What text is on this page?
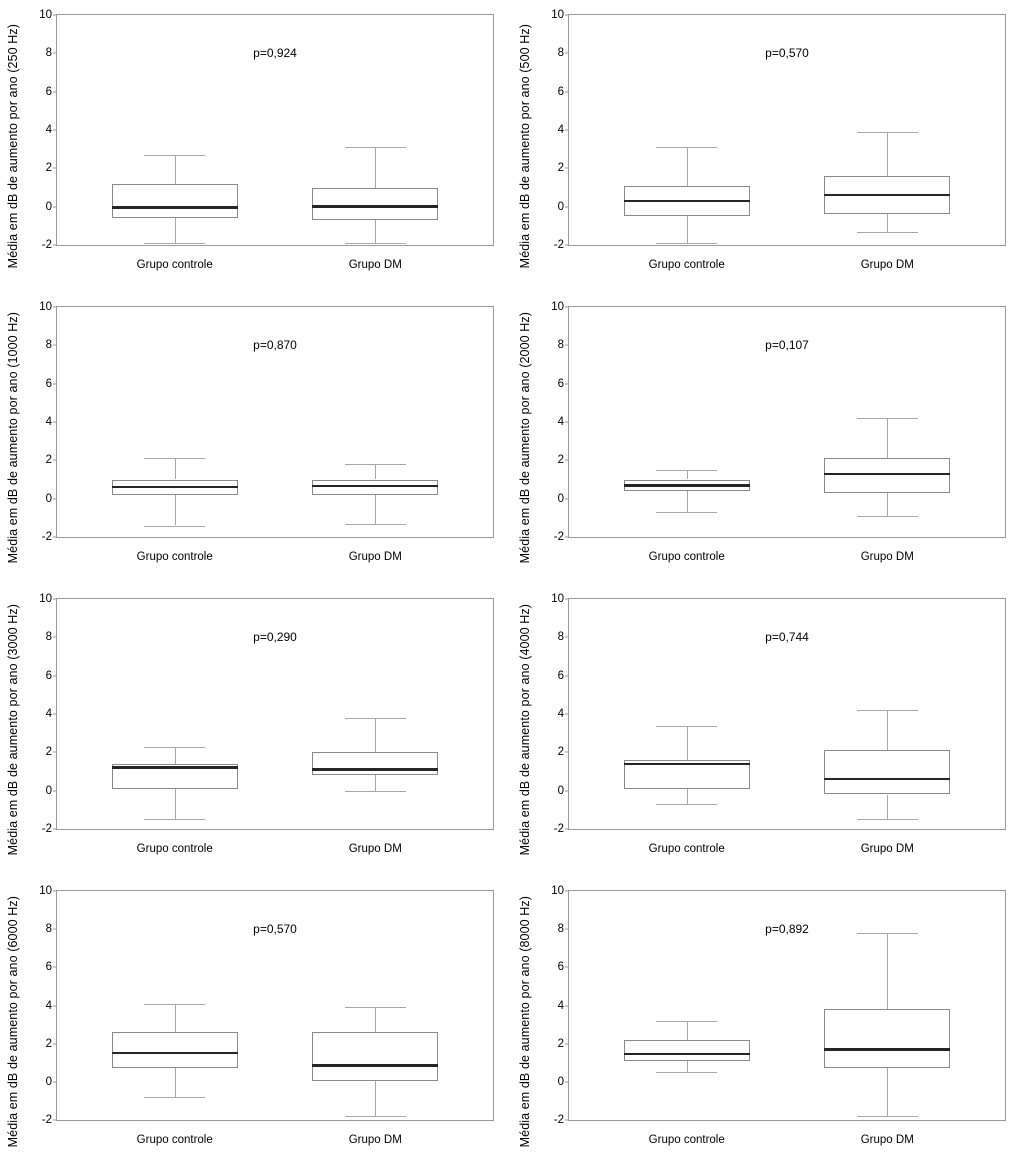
Média em dB de aumento por ano (250 Hz) -2
0
2
4
6
8
10
p=0,924
Grupo controle	Grupo DM	Média em dB de aumento por ano (500 Hz) -2
0
2
4
6
8
10
p=0,570
Grupo controle	Grupo DM
Média em dB de aumento por ano (1000 Hz) -2
0
2
4
6
8
10
p=0,870
Grupo controle	Grupo DM	Média em dB de aumento por ano (2000 Hz) -2
0
2
4
6
8
10
p=0,107
Grupo controle	Grupo DM
Média em dB de aumento por ano (3000 Hz) -2
0
2
4
6
8
10
p=0,290
Grupo controle	Grupo DM	Média em dB de aumento por ano (4000 Hz) -2
0
2
4
6
8
10
p=0,744
Grupo controle	Grupo DM
Média em dB de aumento por ano (6000 Hz) -2
0
2
4
6
8
10
p=0,570
Grupo controle	Grupo DM	Média em dB de aumento por ano (8000 Hz) -2
0
2
4
6
8
10
p=0,892
Grupo controle	Grupo DM
